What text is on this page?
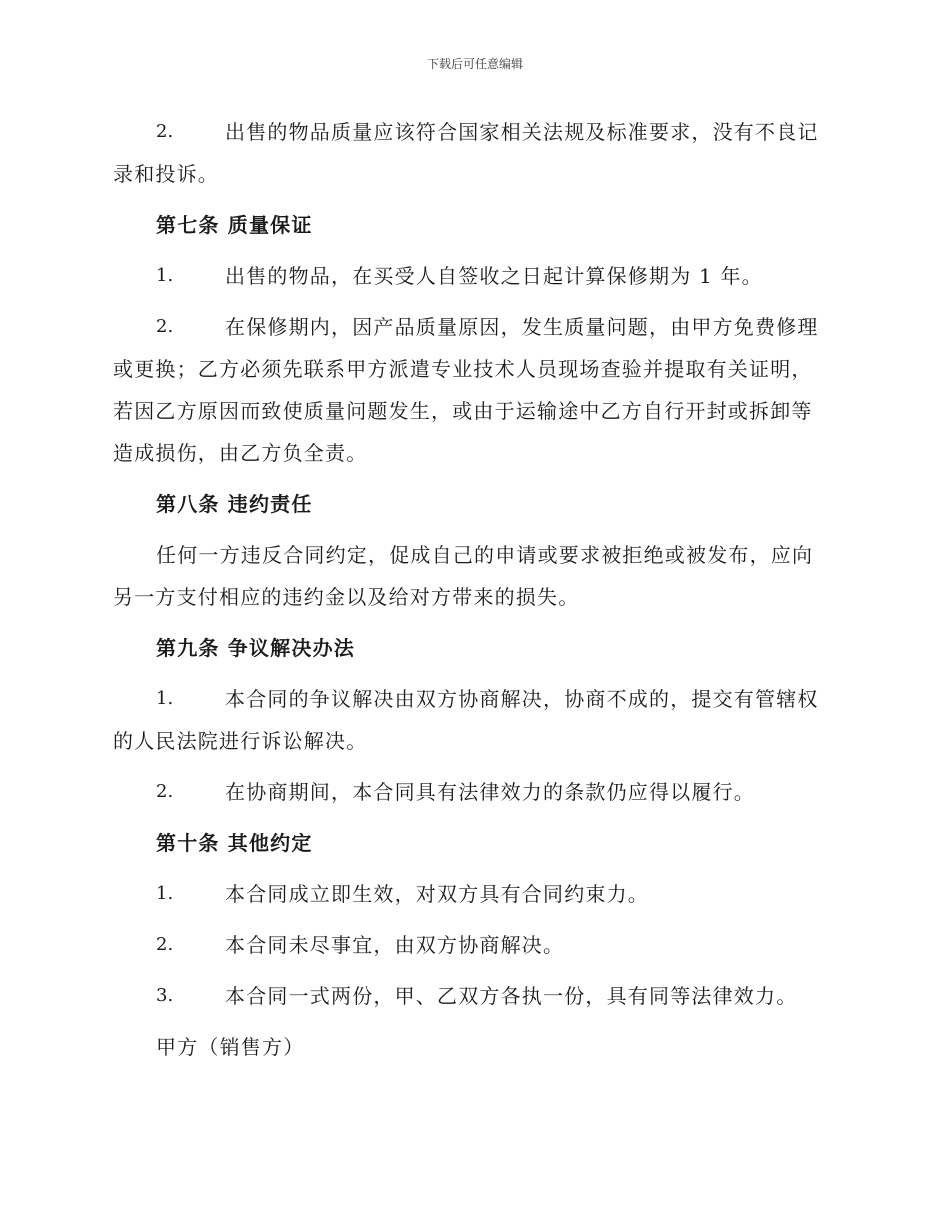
下载后可任意编辑
2.	出售的物品质量应该符合国家相关法规及标准要求，没有不良记
录和投诉。
第七条 质量保证
1.	出售的物品，在买受人自签收之日起计算保修期为 1 年。
2.	在保修期内，因产品质量原因，发生质量问题，由甲方免费修理
或更换；乙方必须先联系甲方派遣专业技术人员现场查验并提取有关证明，
若因乙方原因而致使质量问题发生，或由于运输途中乙方自行开封或拆卸等
造成损伤，由乙方负全责。
第八条 违约责任
任何一方违反合同约定，促成自己的申请或要求被拒绝或被发布，应向
另一方支付相应的违约金以及给对方带来的损失。
第九条 争议解决办法
1.	本合同的争议解决由双方协商解决，协商不成的，提交有管辖权
的人民法院进行诉讼解决。
2.	在协商期间，本合同具有法律效力的条款仍应得以履行。
第十条 其他约定
1.	本合同成立即生效，对双方具有合同约束力。
2.	本合同未尽事宜，由双方协商解决。
3.	本合同一式两份，甲、乙双方各执一份，具有同等法律效力。
甲方（销售方）
